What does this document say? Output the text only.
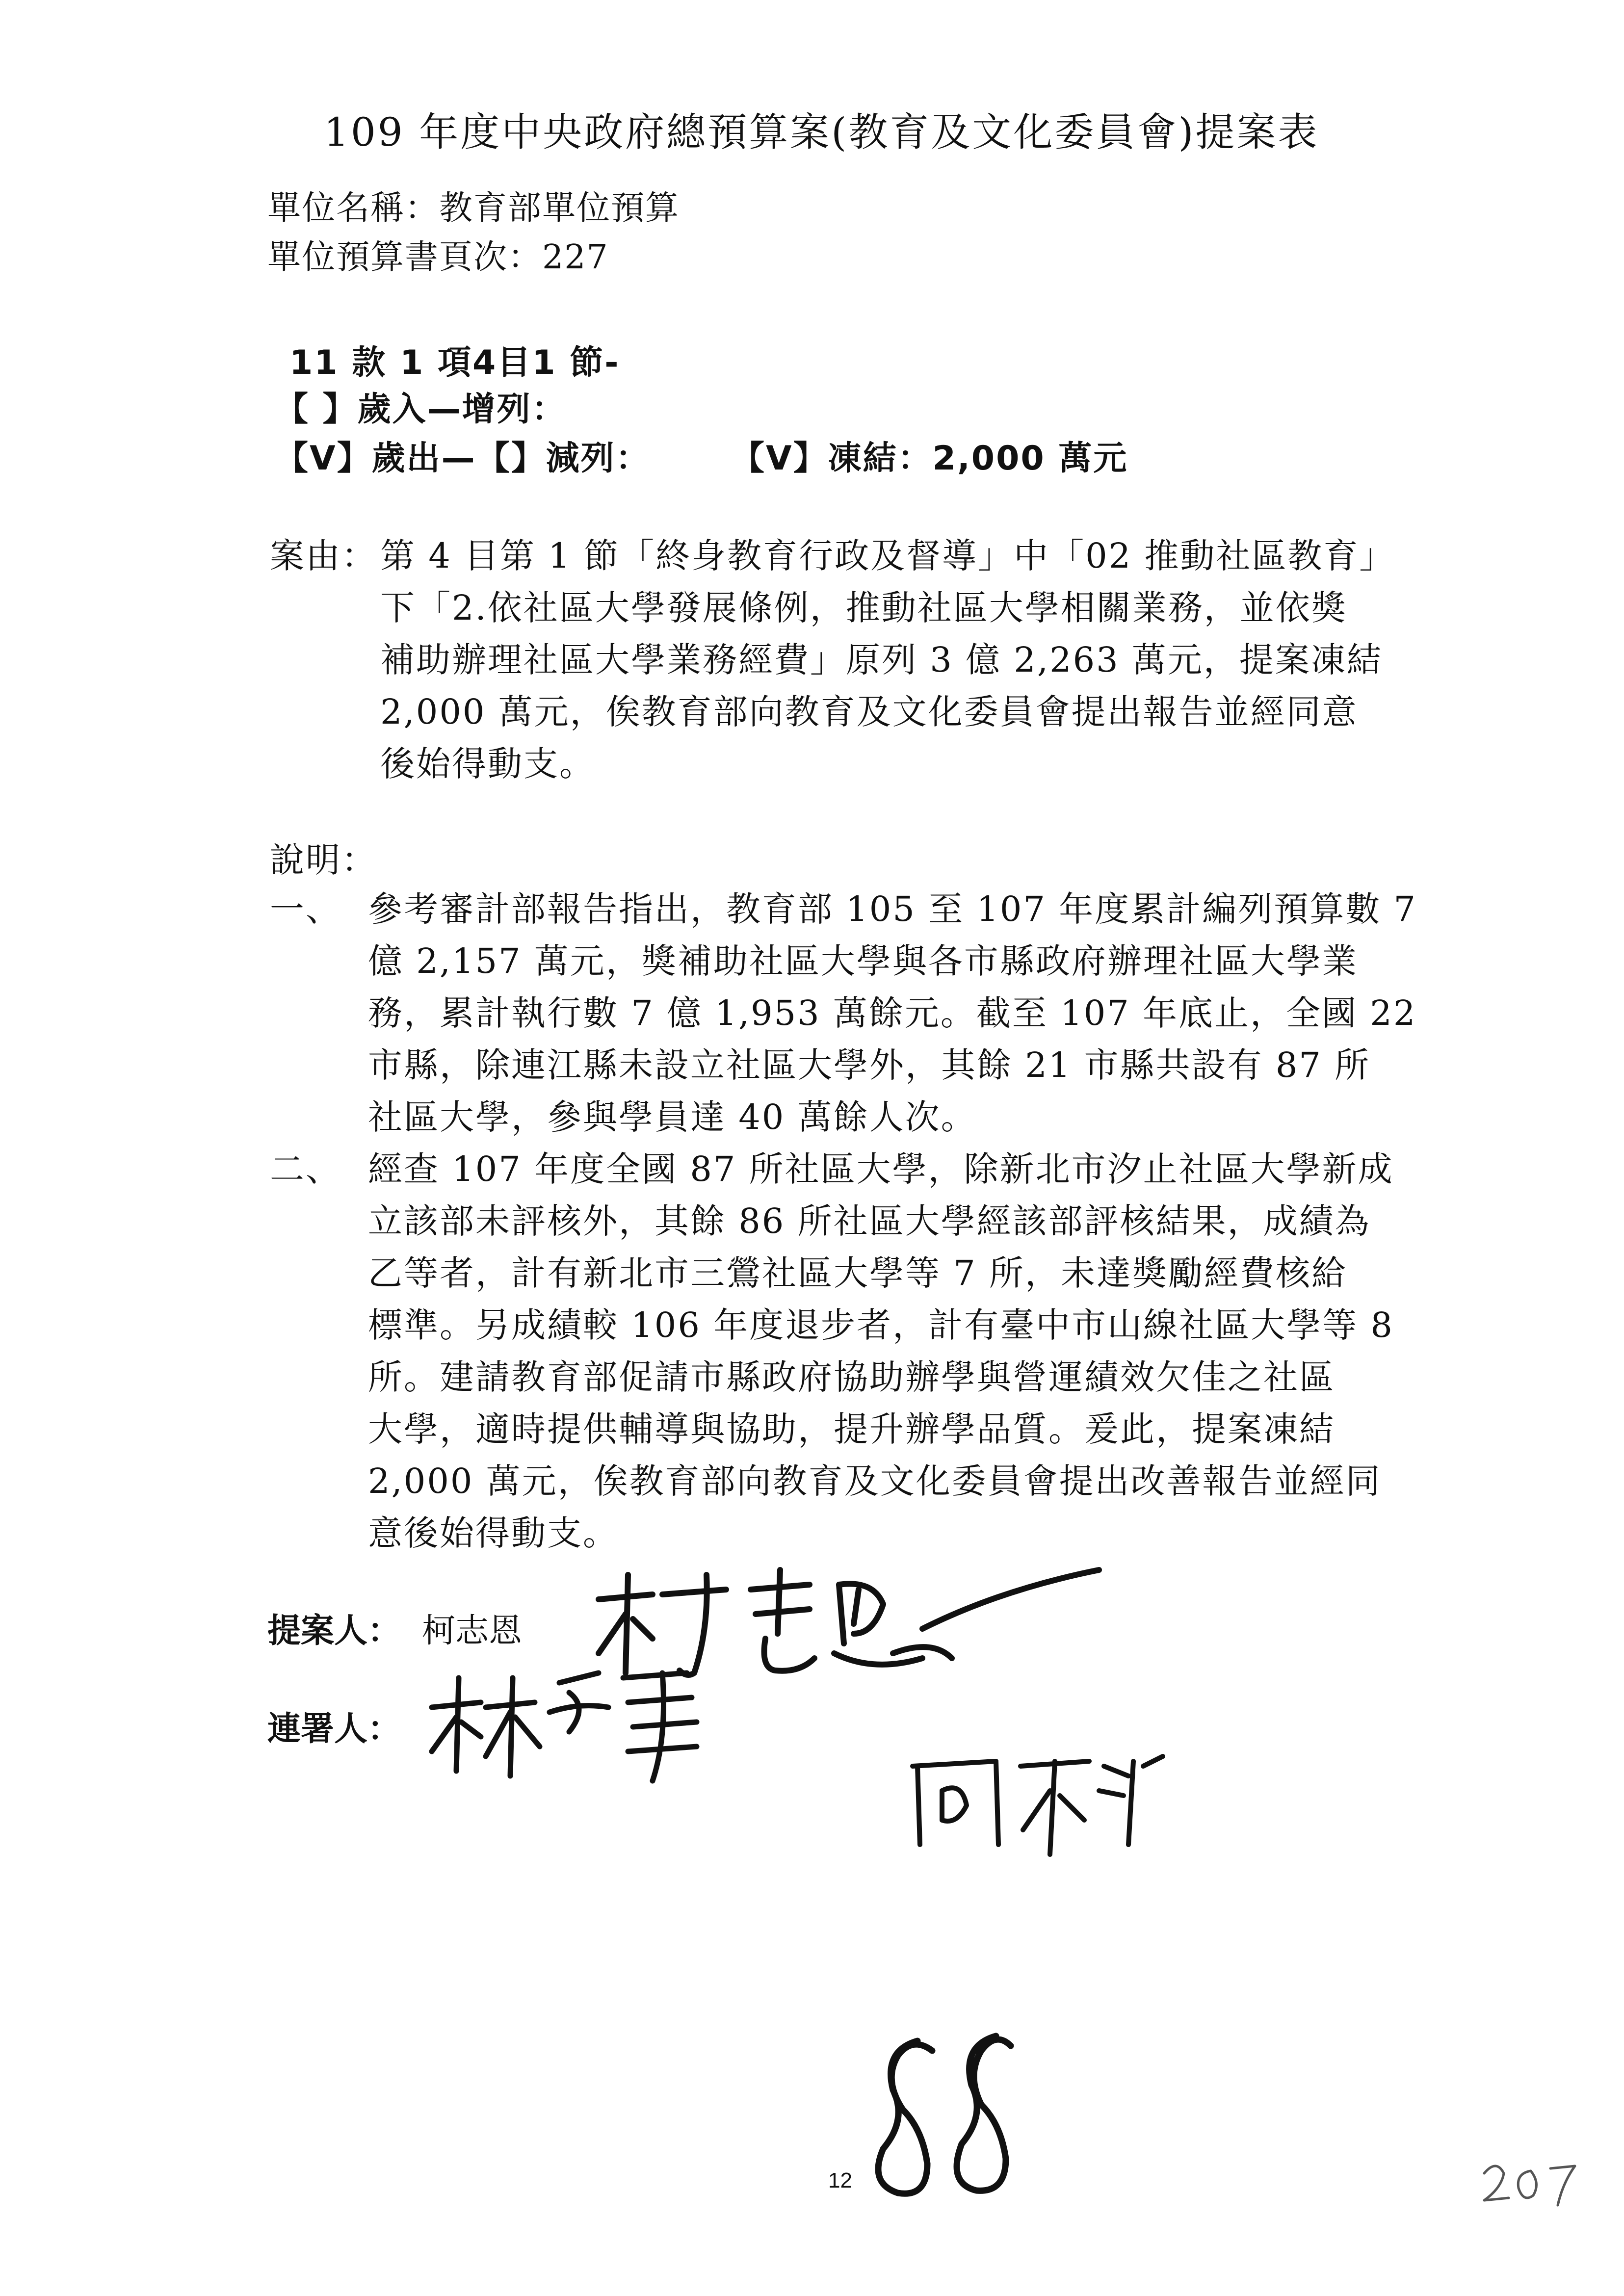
109 年度中央政府總預算案(教育及文化委員會)提案表
單位名稱：教育部單位預算
單位預算書頁次：227
11 款 1 項4目1 節-
【 】歲入—增列：
【V】歲出—【】減列： 【V】凍結：2,000 萬元
案由： 第 4 目第 1 節「終身教育行政及督導」中「02 推動社區教育」
下「2.依社區大學發展條例，推動社區大學相關業務，並依獎
補助辦理社區大學業務經費」原列 3 億 2,263 萬元，提案凍結
2,000 萬元，俟教育部向教育及文化委員會提出報告並經同意
後始得動支。
說明：
一、 參考審計部報告指出，教育部 105 至 107 年度累計編列預算數 7
億 2,157 萬元，獎補助社區大學與各市縣政府辦理社區大學業
務，累計執行數 7 億 1,953 萬餘元。截至 107 年底止，全國 22
市縣，除連江縣未設立社區大學外，其餘 21 市縣共設有 87 所
社區大學，參與學員達 40 萬餘人次。
二、 經查 107 年度全國 87 所社區大學，除新北市汐止社區大學新成
立該部未評核外，其餘 86 所社區大學經該部評核結果，成績為
乙等者，計有新北市三鶯社區大學等 7 所，未達獎勵經費核給
標準。另成績較 106 年度退步者，計有臺中市山線社區大學等 8
所。建請教育部促請市縣政府協助辦學與營運績效欠佳之社區
大學，適時提供輔導與協助，提升辦學品質。爰此，提案凍結
2,000 萬元，俟教育部向教育及文化委員會提出改善報告並經同
意後始得動支。
提案人： 柯志恩
連署人：
12
